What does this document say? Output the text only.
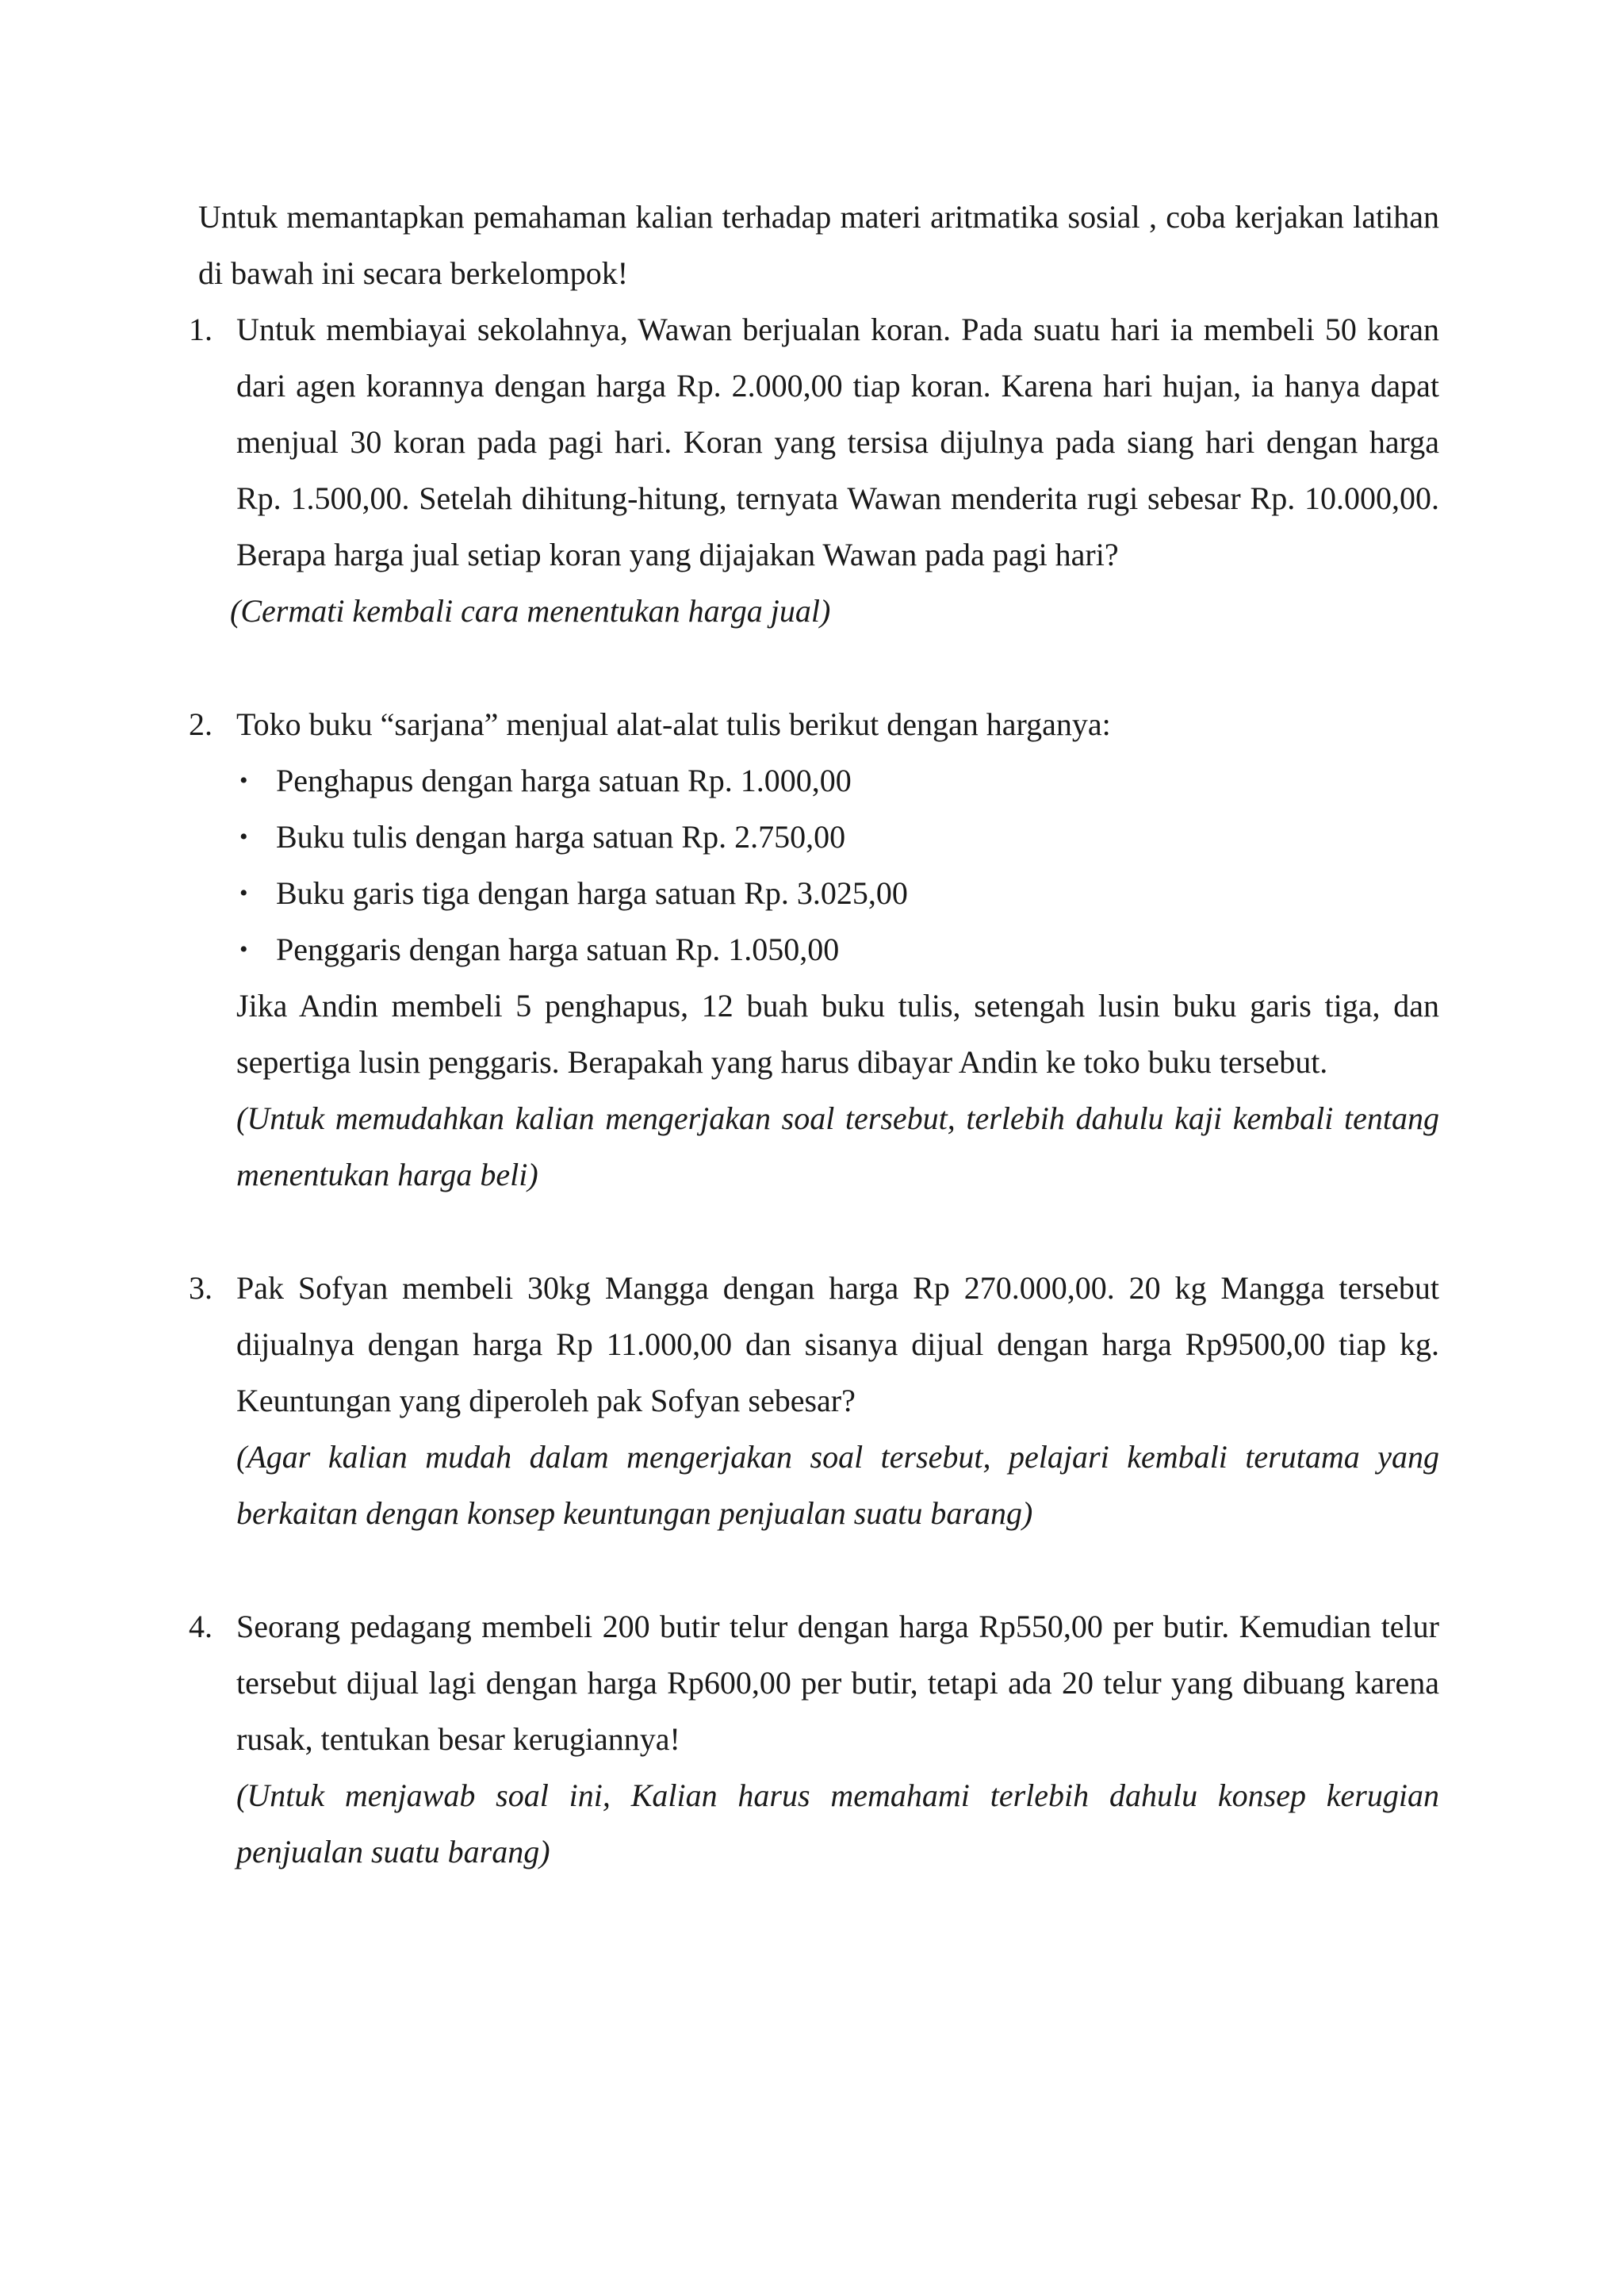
Untuk memantapkan pemahaman kalian terhadap materi aritmatika sosial , coba kerjakan latihan di bawah ini secara berkelompok!

1. Untuk membiayai sekolahnya, Wawan berjualan koran. Pada suatu hari ia membeli 50 koran dari agen korannya dengan harga Rp. 2.000,00 tiap koran. Karena hari hujan, ia hanya dapat menjual 30 koran pada pagi hari. Koran yang tersisa dijulnya pada siang hari dengan harga Rp. 1.500,00. Setelah dihitung-hitung, ternyata Wawan menderita rugi sebesar Rp. 10.000,00. Berapa harga jual setiap koran yang dijajakan Wawan pada pagi hari?

(Cermati kembali cara menentukan harga jual)

2. Toko buku “sarjana” menjual alat-alat tulis berikut dengan harganya:

• Penghapus dengan harga satuan Rp. 1.000,00
• Buku tulis dengan harga satuan Rp. 2.750,00
• Buku garis tiga dengan harga satuan Rp. 3.025,00
• Penggaris dengan harga satuan Rp. 1.050,00

Jika Andin membeli 5 penghapus, 12 buah buku tulis, setengah lusin buku garis tiga, dan sepertiga lusin penggaris. Berapakah yang harus dibayar Andin ke toko buku tersebut.

(Untuk memudahkan kalian mengerjakan soal tersebut, terlebih dahulu kaji kembali tentang menentukan harga beli)

3. Pak Sofyan membeli 30kg Mangga dengan harga Rp 270.000,00. 20 kg Mangga tersebut dijualnya dengan harga Rp 11.000,00 dan sisanya dijual dengan harga Rp9500,00 tiap kg. Keuntungan yang diperoleh pak Sofyan sebesar?

(Agar kalian mudah dalam mengerjakan soal tersebut, pelajari kembali terutama yang berkaitan dengan konsep keuntungan penjualan suatu barang)

4. Seorang pedagang membeli 200 butir telur dengan harga Rp550,00 per butir. Kemudian telur tersebut dijual lagi dengan harga Rp600,00 per butir, tetapi ada 20 telur yang dibuang karena rusak, tentukan besar kerugiannya!

(Untuk menjawab soal ini, Kalian harus memahami terlebih dahulu konsep kerugian penjualan suatu barang)
